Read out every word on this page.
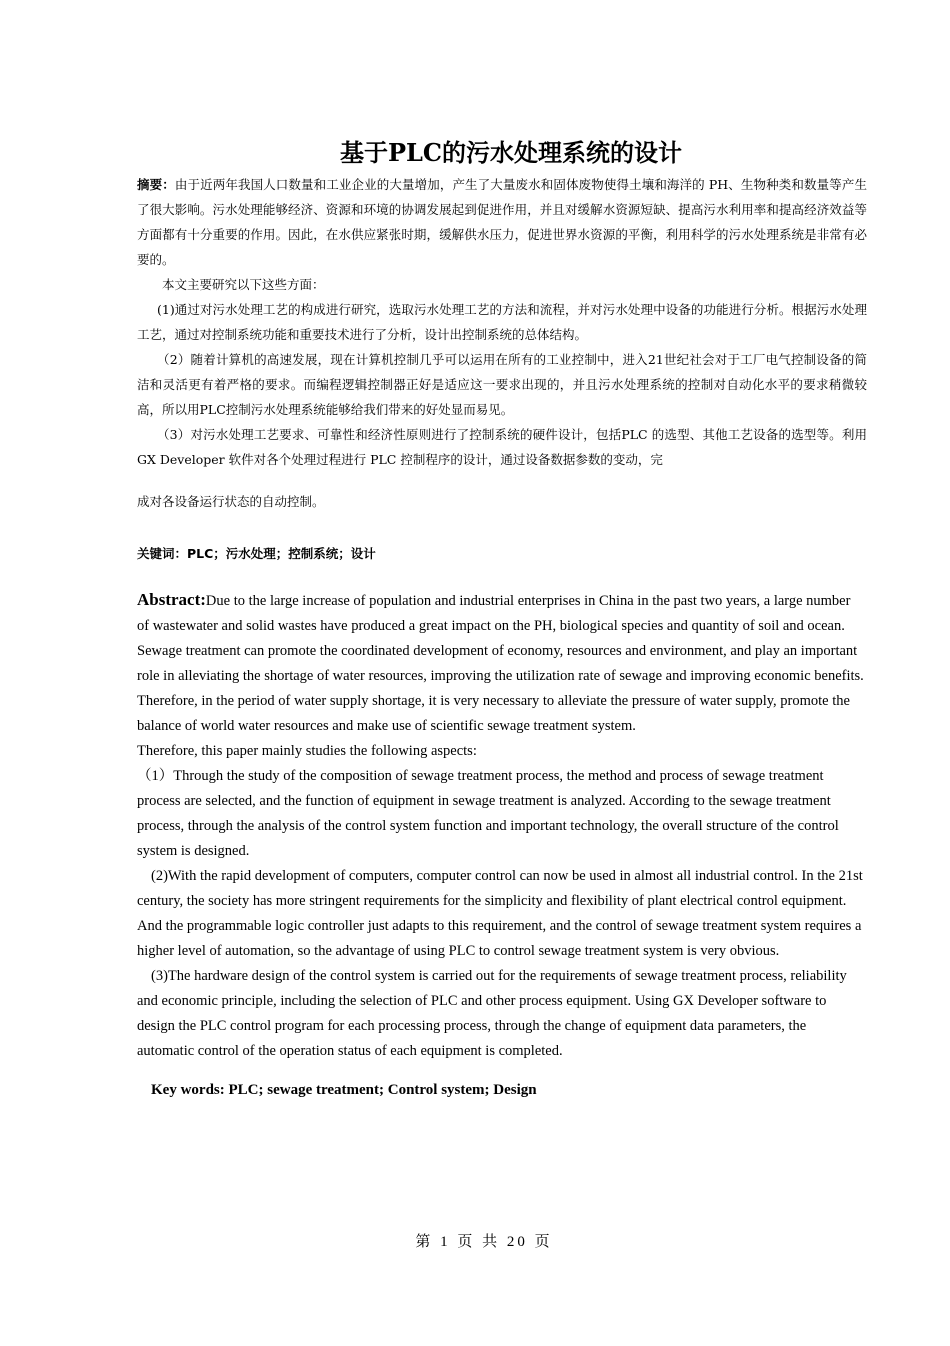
基于PLC的污水处理系统的设计

摘要：由于近两年我国人口数量和工业企业的大量增加，产生了大量废水和固体废物使得土壤和海洋的 PH、生物种类和数量等产生了很大影响。污水处理能够经济、资源和环境的协调发展起到促进作用，并且对缓解水资源短缺、提高污水利用率和提高经济效益等方面都有十分重要的作用。因此，在水供应紧张时期，缓解供水压力，促进世界水资源的平衡，利用科学的污水处理系统是非常有必要的。

本文主要研究以下这些方面：

(1)通过对污水处理工艺的构成进行研究，选取污水处理工艺的方法和流程，并对污水处理中设备的功能进行分析。根据污水处理工艺，通过对控制系统功能和重要技术进行了分析，设计出控制系统的总体结构。

（2）随着计算机的高速发展，现在计算机控制几乎可以运用在所有的工业控制中，进入21世纪社会对于工厂电气控制设备的简洁和灵活更有着严格的要求。而编程逻辑控制器正好是适应这一要求出现的，并且污水处理系统的控制对自动化水平的要求稍微较高，所以用PLC控制污水处理系统能够给我们带来的好处显而易见。

（3）对污水处理工艺要求、可靠性和经济性原则进行了控制系统的硬件设计，包括PLC 的选型、其他工艺设备的选型等。利用 GX Developer 软件对各个处理过程进行 PLC 控制程序的设计，通过设备数据参数的变动，完

成对各设备运行状态的自动控制。

关键词：PLC；污水处理；控制系统；设计

Abstract:Due to the large increase of population and industrial enterprises in China in the past two years, a large number of wastewater and solid wastes have produced a great impact on the PH, biological species and quantity of soil and ocean. Sewage treatment can promote the coordinated development of economy, resources and environment, and play an important role in alleviating the shortage of water resources, improving the utilization rate of sewage and improving economic benefits. Therefore, in the period of water supply shortage, it is very necessary to alleviate the pressure of water supply, promote the balance of world water resources and make use of scientific sewage treatment system.

Therefore, this paper mainly studies the following aspects:

（1）Through the study of the composition of sewage treatment process, the method and process of sewage treatment process are selected, and the function of equipment in sewage treatment is analyzed. According to the sewage treatment process, through the analysis of the control system function and important technology, the overall structure of the control system is designed.

(2)With the rapid development of computers, computer control can now be used in almost all industrial control. In the 21st century, the society has more stringent requirements for the simplicity and flexibility of plant electrical control equipment. And the programmable logic controller just adapts to this requirement, and the control of sewage treatment system requires a higher level of automation, so the advantage of using PLC to control sewage treatment system is very obvious.

(3)The hardware design of the control system is carried out for the requirements of sewage treatment process, reliability and economic principle, including the selection of PLC and other process equipment. Using GX Developer software to design the PLC control program for each processing process, through the change of equipment data parameters, the automatic control of the operation status of each equipment is completed.

Key words: PLC; sewage treatment; Control system; Design
第 1 页 共 20 页
